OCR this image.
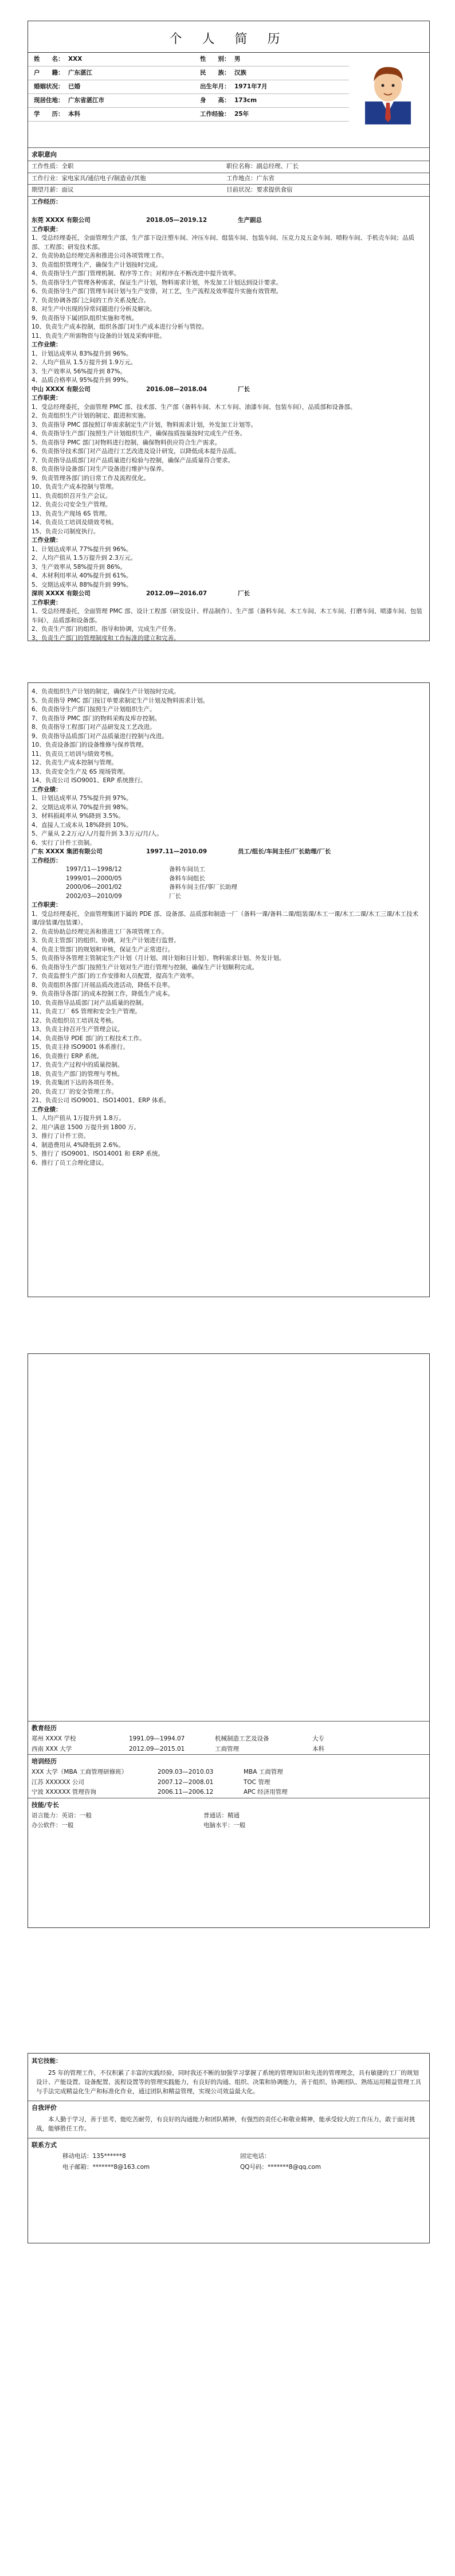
个 人 简 历
姓　　名： XXX	性　　别： 男
户　　籍： 广东湛江	民　　族： 汉族
婚姻状况： 已婚	出生年月： 1971年7月
现居住地： 广东省湛江市	身　　高： 173cm
学　　历： 本科	工作经验： 25年
求职意向
工作性质：全职	职位名称：副总经理、厂长
工作行业：家电家具/通信电子/制造业/其他	工作地点：广东省
期望月薪：面议	目前状况：要求提供食宿
工作经历：
东莞 XXXX 有限公司	2018.05—2019.12	生产副总
工作职责：
1、受总经理委托，全面管理生产部，生产部下设注塑车间、冲压车间、组装车间、包装车间、压克力及五金车间、喷粉车间、手机壳车间；品质部、工程部；研发技术部。
2、负责协助总经理完善和推进公司各项管理工作。
3、负责组织管理生产，确保生产计划按时完成。
4、负责指导生产部门管理机制、程序等工作；对程序在不断改进中提升效率。
5、负责指导生产管理各种需求，保证生产计划，物料需求计划，外发加工计划达到设计要求。
6、负责指导生产部门管理车间计划与生产安排，对工艺，生产流程及效率提升实施有效管理。
7、负责协调各部门之间的工作关系及配合。
8、对生产中出现的异常问题进行分析及解决。
9、负责指导下属团队组织实施和考核。
10、负责生产成本控制，组织各部门对生产成本进行分析与管控。
11、负责生产所需物资与设备的计划及采购审批。
工作业绩：
1、计划达成率从 83%提升到 96%。
2、人均产值从 1.5万提升到 1.9万元。
3、生产效率从 56%提升到 87%。
4、品质合格率从 95%提升到 99%。
中山 XXXX 有限公司	2016.08—2018.04	厂长
工作职责：
1、受总经理委托，全面管理 PMC 部、技术部、生产部（备料车间、木工车间、油漆车间、包装车间），品质部和设备部。
2、负责组织生产计划的制定、跟进和实施。
3、负责指导 PMC 部按照订单需求制定生产计划，物料需求计划，外发加工计划等。
4、负责指导生产部门按照生产计划组织生产，确保按质按量按时完成生产任务。
5、负责指导 PMC 部门对物料进行控制，确保物料供应符合生产需求。
6、负责指导技术部门对产品进行工艺改进及设计研发，以降低成本提升品质。
7、负责指导品质部门对产品质量进行检验与控制，确保产品质量符合要求。
8、负责指导设备部门对生产设备进行维护与保养。
9、负责管理各部门的日常工作及流程优化。
10、负责生产成本控制与管理。
11、负责组织召开生产会议。
12、负责公司安全生产管理。
13、负责生产现场 6S 管理。
14、负责员工培训及绩效考核。
15、负责公司制度执行。
工作业绩：
1、计划达成率从 77%提升到 96%。
2、人均产值从 1.5万提升到 2.3万元。
3、生产效率从 58%提升到 86%。
4、木材利用率从 40%提升到 61%。
5、交期达成率从 88%提升到 99%。
深圳 XXXX 有限公司	2012.09—2016.07	厂长
工作职责：
1、受总经理委托，全面管理 PMC 部、设计工程部（研发设计、样品制作）、生产部（备料车间、木工车间、木工车间、打磨车间、喷漆车间、包装车间），品质部和设备部。
2、负责生产部门的组织、指导和协调，完成生产任务。
3、负责生产部门的管理制度和工作标准的建立和完善。
4、负责组织生产计划的制定，确保生产计划按时完成。
5、负责指导 PMC 部门按订单要求制定生产计划及物料需求计划。
6、负责指导生产部门按照生产计划组织生产。
7、负责指导 PMC 部门的物料采购及库存控制。
8、负责指导工程部门对产品研发及工艺改进。
9、负责指导品质部门对产品质量进行控制与改进。
10、负责设备部门的设备维修与保养管理。
11、负责员工培训与绩效考核。
12、负责生产成本控制与管理。
13、负责安全生产及 6S 现场管理。
14、负责公司 ISO9001、ERP 系统推行。
工作业绩：
1、计划达成率从 75%提升到 97%。
2、交期达成率从 70%提升到 98%。
3、材料损耗率从 9%降到 3.5%。
4、直接人工成本从 18%降到 10%。
5、产量从 2.2万元/人/月提升到 3.3万元/月/人。
6、实行了计件工资制。
广东 XXXX 集团有限公司	1997.11—2010.09	员工/组长/车间主任/厂长助理/厂长
工作经历：
1997/11—1998/12	备料车间员工
1999/01—2000/05	备料车间组长
2000/06—2001/02	备料车间主任/事厂长助理
2002/03—2010/09	厂长
工作职责：
1、受总经理委托，全面管理集团下属的 PDE 部、设备部、品质部和制造一厂（备料一课/备料二课/组装课/木工一课/木工二课/木工三课/木工技术课/涂装课/包装课）。
2、负责协助总经理完善和推进工厂各项管理工作。
3、负责主管部门的组织、协调，对生产计划进行监督。
4、负责主管部门的规划和审核，保证生产正常进行。
5、负责指导各管理主管制定生产计划（月计划、周计划和日计划），物料需求计划、外发计划。
6、负责指导生产部门按照生产计划对生产进行管理与控制，确保生产计划顺利完成。
7、负责监督生产部门的工作安排和人员配置，提高生产效率。
8、负责组织各部门开展品质改进活动，降低不良率。
9、负责指导各部门的成本控制工作，降低生产成本。
10、负责指导品质部门对产品质量的控制。
11、负责工厂 6S 管理和安全生产管理。
12、负责组织员工培训及考核。
13、负责主持召开生产管理会议。
14、负责指导 PDE 部门的工程技术工作。
15、负责主持 ISO9001 体系推行。
16、负责推行 ERP 系统。
17、负责生产过程中的质量控制。
18、负责生产部门的管理与考核。
19、负责集团下达的各项任务。
20、负责工厂的安全管理工作。
21、负责公司 ISO9001、ISO14001、ERP 体系。
工作业绩：
1、人均产值从 1万提升到 1.8万。
2、用户满意 1500 万提升到 1800 万。
3、推行了计件工资。
4、制造费用从 4%降低到 2.6%。
5、推行了 ISO9001、ISO14001 和 ERP 系统。
6、推行了员工合理化建议。
教育经历
郑州 XXXX 学校	1991.09—1994.07	机械制造工艺及设备	大专
西南 XXX 大学	2012.09—2015.01	工商管理	本科
培训经历
XXX 大学（MBA 工商管理研修班）	2009.03—2010.03	MBA 工商管理
江苏 XXXXXX 公司	2007.12—2008.01	TOC 管理
宁波 XXXXXX 管理咨询	2006.11—2006.12	APC 经济用管理
技能/专长
语言能力：英语：一般	普通话：精通
办公软件：一般	电脑水平：一般
其它技能：
25 年的管理工作，不仅积累了丰富的实践经验，同时我还不断的加强学习掌握了系统的管理知识和先进的管理理念，具有敏捷的工厂的规划设计、产能设置、设备配置、流程设置等的管理实践能力，有良好的沟通、组织、决策和协调能力，善于组织、协调团队、熟练运用精益管理工具与手法完成精益化生产和标准化作业，通过团队和精益管理，实现公司效益最大化。
自我评价
本人勤于学习，善于思考，能吃苦耐劳，有良好的沟通能力和团队精神，有强烈的责任心和敬业精神，能承受较大的工作压力，敢于面对挑战，能够胜任工作。
联系方式
移动电话：135******8	固定电话：
电子邮箱：*******8@163.com	QQ号码：*******8@qq.com
